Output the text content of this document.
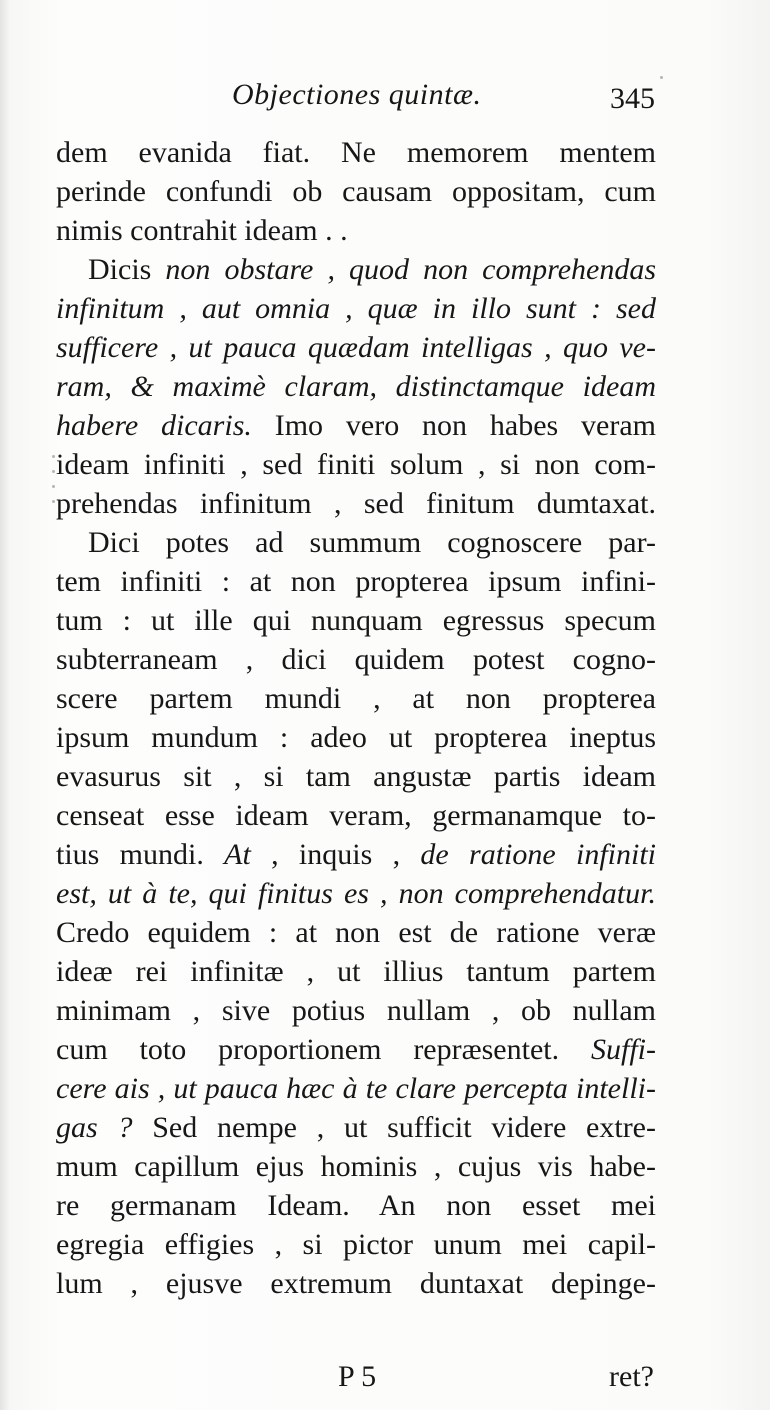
Objectiones quintæ.	345
dem evanida fiat. Ne memorem mentem
perinde confundi ob causam oppositam, cum
nimis contrahit ideam . .
Dicis non obstare , quod non comprehendas
infinitum , aut omnia , quæ in illo sunt : sed
sufficere , ut pauca quædam intelligas , quo ve-
ram, & maximè claram, distinctamque ideam
habere dicaris. Imo vero non habes veram
ideam infiniti , sed finiti solum , si non com-
prehendas infinitum , sed finitum dumtaxat.
Dici potes ad summum cognoscere par-
tem infiniti : at non propterea ipsum infini-
tum : ut ille qui nunquam egressus specum
subterraneam , dici quidem potest cogno-
scere partem mundi , at non propterea
ipsum mundum : adeo ut propterea ineptus
evasurus sit , si tam angustæ partis ideam
censeat esse ideam veram, germanamque to-
tius mundi. At , inquis , de ratione infiniti
est, ut à te, qui finitus es , non comprehendatur.
Credo equidem : at non est de ratione veræ
ideæ rei infinitæ , ut illius tantum partem
minimam , sive potius nullam , ob nullam
cum toto proportionem repræsentet. Suffi-
cere ais , ut pauca hæc à te clare percepta intelli-
gas ? Sed nempe , ut sufficit videre extre-
mum capillum ejus hominis , cujus vis habe-
re germanam Ideam. An non esset mei
egregia effigies , si pictor unum mei capil-
lum , ejusve extremum duntaxat depinge-
P 5	ret?
